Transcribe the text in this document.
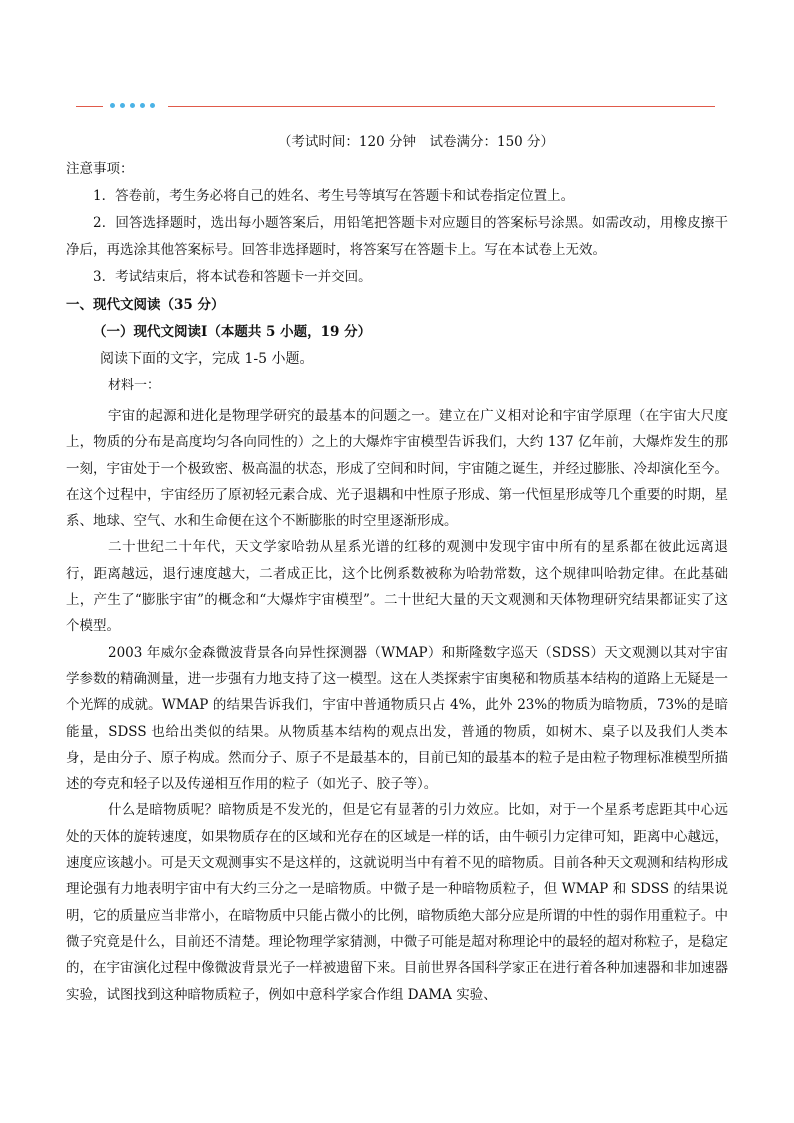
（考试时间：120 分钟　试卷满分：150 分）
注意事项：
1．答卷前，考生务必将自己的姓名、考生号等填写在答题卡和试卷指定位置上。
2．回答选择题时，选出每小题答案后，用铅笔把答题卡对应题目的答案标号涂黑。如需改动，用橡皮擦干净后，再选涂其他答案标号。回答非选择题时，将答案写在答题卡上。写在本试卷上无效。
3．考试结束后，将本试卷和答题卡一并交回。
一、现代文阅读（35 分）
（一）现代文阅读Ⅰ（本题共 5 小题，19 分）
阅读下面的文字，完成 1-5 小题。
材料一：

宇宙的起源和进化是物理学研究的最基本的问题之一。建立在广义相对论和宇宙学原理（在宇宙大尺度上，物质的分布是高度均匀各向同性的）之上的大爆炸宇宙模型告诉我们，大约 137 亿年前，大爆炸发生的那一刻，宇宙处于一个极致密、极高温的状态，形成了空间和时间，宇宙随之诞生，并经过膨胀、冷却演化至今。在这个过程中，宇宙经历了原初轻元素合成、光子退耦和中性原子形成、第一代恒星形成等几个重要的时期，星系、地球、空气、水和生命便在这个不断膨胀的时空里逐渐形成。

二十世纪二十年代，天文学家哈勃从星系光谱的红移的观测中发现宇宙中所有的星系都在彼此远离退行，距离越远，退行速度越大，二者成正比，这个比例系数被称为哈勃常数，这个规律叫哈勃定律。在此基础上，产生了“膨胀宇宙”的概念和“大爆炸宇宙模型”。二十世纪大量的天文观测和天体物理研究结果都证实了这个模型。

2003 年威尔金森微波背景各向异性探测器（WMAP）和斯隆数字巡天（SDSS）天文观测以其对宇宙学参数的精确测量，进一步强有力地支持了这一模型。这在人类探索宇宙奥秘和物质基本结构的道路上无疑是一个光辉的成就。WMAP 的结果告诉我们，宇宙中普通物质只占 4%，此外 23%的物质为暗物质，73%的是暗能量，SDSS 也给出类似的结果。从物质基本结构的观点出发，普通的物质，如树木、桌子以及我们人类本身，是由分子、原子构成。然而分子、原子不是最基本的，目前已知的最基本的粒子是由粒子物理标准模型所描述的夸克和轻子以及传递相互作用的粒子（如光子、胶子等）。

什么是暗物质呢？暗物质是不发光的，但是它有显著的引力效应。比如，对于一个星系考虑距其中心远处的天体的旋转速度，如果物质存在的区域和光存在的区域是一样的话，由牛顿引力定律可知，距离中心越远，速度应该越小。可是天文观测事实不是这样的，这就说明当中有着不见的暗物质。目前各种天文观测和结构形成理论强有力地表明宇宙中有大约三分之一是暗物质。中微子是一种暗物质粒子，但 WMAP 和 SDSS 的结果说明，它的质量应当非常小，在暗物质中只能占微小的比例，暗物质绝大部分应是所谓的中性的弱作用重粒子。中微子究竟是什么，目前还不清楚。理论物理学家猜测，中微子可能是超对称理论中的最轻的超对称粒子，是稳定的，在宇宙演化过程中像微波背景光子一样被遗留下来。目前世界各国科学家正在进行着各种加速器和非加速器实验，试图找到这种暗物质粒子，例如中意科学家合作组 DAMA 实验、
